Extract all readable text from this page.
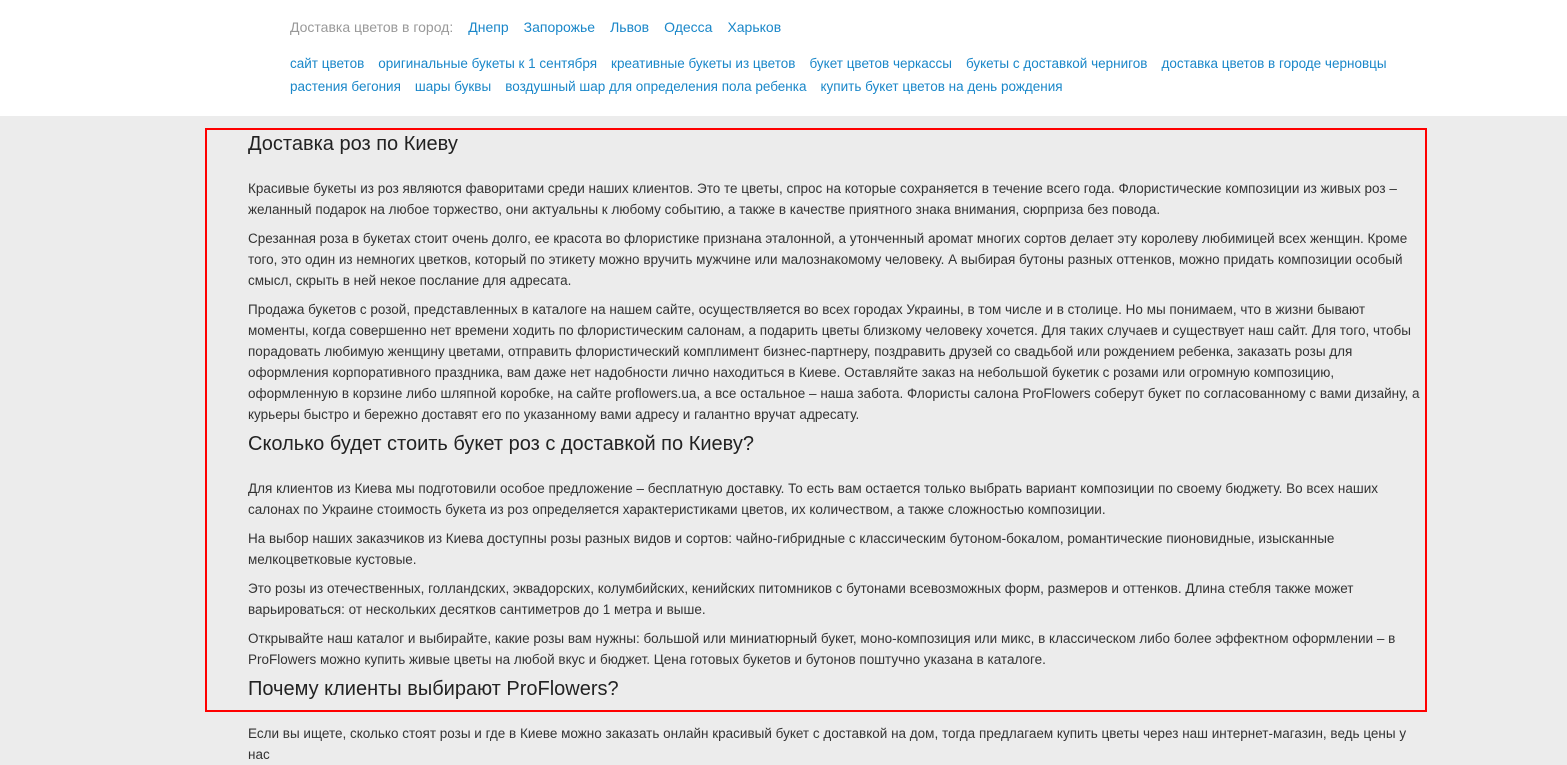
Доставка цветов в город: Днепр Запорожье Львов Одесса Харьков
сайт цветов оригинальные букеты к 1 сентября креативные букеты из цветов букет цветов черкассы букеты с доставкой чернигов доставка цветов в городе черновцы
растения бегония шары буквы воздушный шар для определения пола ребенка купить букет цветов на день рождения
Доставка роз по Киеву

Красивые букеты из роз являются фаворитами среди наших клиентов. Это те цветы, спрос на которые сохраняется в течение всего года. Флористические композиции из живых роз – желанный подарок на любое торжество, они актуальны к любому событию, а также в качестве приятного знака внимания, сюрприза без повода.

Срезанная роза в букетах стоит очень долго, ее красота во флористике признана эталонной, а утонченный аромат многих сортов делает эту королеву любимицей всех женщин. Кроме того, это один из немногих цветков, который по этикету можно вручить мужчине или малознакомому человеку. А выбирая бутоны разных оттенков, можно придать композиции особый смысл, скрыть в ней некое послание для адресата.

Продажа букетов с розой, представленных в каталоге на нашем сайте, осуществляется во всех городах Украины, в том числе и в столице. Но мы понимаем, что в жизни бывают моменты, когда совершенно нет времени ходить по флористическим салонам, а подарить цветы близкому человеку хочется. Для таких случаев и существует наш сайт. Для того, чтобы порадовать любимую женщину цветами, отправить флористический комплимент бизнес-партнеру, поздравить друзей со свадьбой или рождением ребенка, заказать розы для оформления корпоративного праздника, вам даже нет надобности лично находиться в Киеве. Оставляйте заказ на небольшой букетик с розами или огромную композицию, оформленную в корзине либо шляпной коробке, на сайте proflowers.ua, а все остальное – наша забота. Флористы салона ProFlowers соберут букет по согласованному с вами дизайну, а курьеры быстро и бережно доставят его по указанному вами адресу и галантно вручат адресату.

Сколько будет стоить букет роз с доставкой по Киеву?

Для клиентов из Киева мы подготовили особое предложение – бесплатную доставку. То есть вам остается только выбрать вариант композиции по своему бюджету. Во всех наших салонах по Украине стоимость букета из роз определяется характеристиками цветов, их количеством, а также сложностью композиции.

На выбор наших заказчиков из Киева доступны розы разных видов и сортов: чайно-гибридные с классическим бутоном-бокалом, романтические пионовидные, изысканные мелкоцветковые кустовые.

Это розы из отечественных, голландских, эквадорских, колумбийских, кенийских питомников с бутонами всевозможных форм, размеров и оттенков. Длина стебля также может варьироваться: от нескольких десятков сантиметров до 1 метра и выше.

Открывайте наш каталог и выбирайте, какие розы вам нужны: большой или миниатюрный букет, моно-композиция или микс, в классическом либо более эффектном оформлении – в ProFlowers можно купить живые цветы на любой вкус и бюджет. Цена готовых букетов и бутонов поштучно указана в каталоге.

Почему клиенты выбирают ProFlowers?

Если вы ищете, сколько стоят розы и где в Киеве можно заказать онлайн красивый букет с доставкой на дом, тогда предлагаем купить цветы через наш интернет-магазин, ведь цены у нас
